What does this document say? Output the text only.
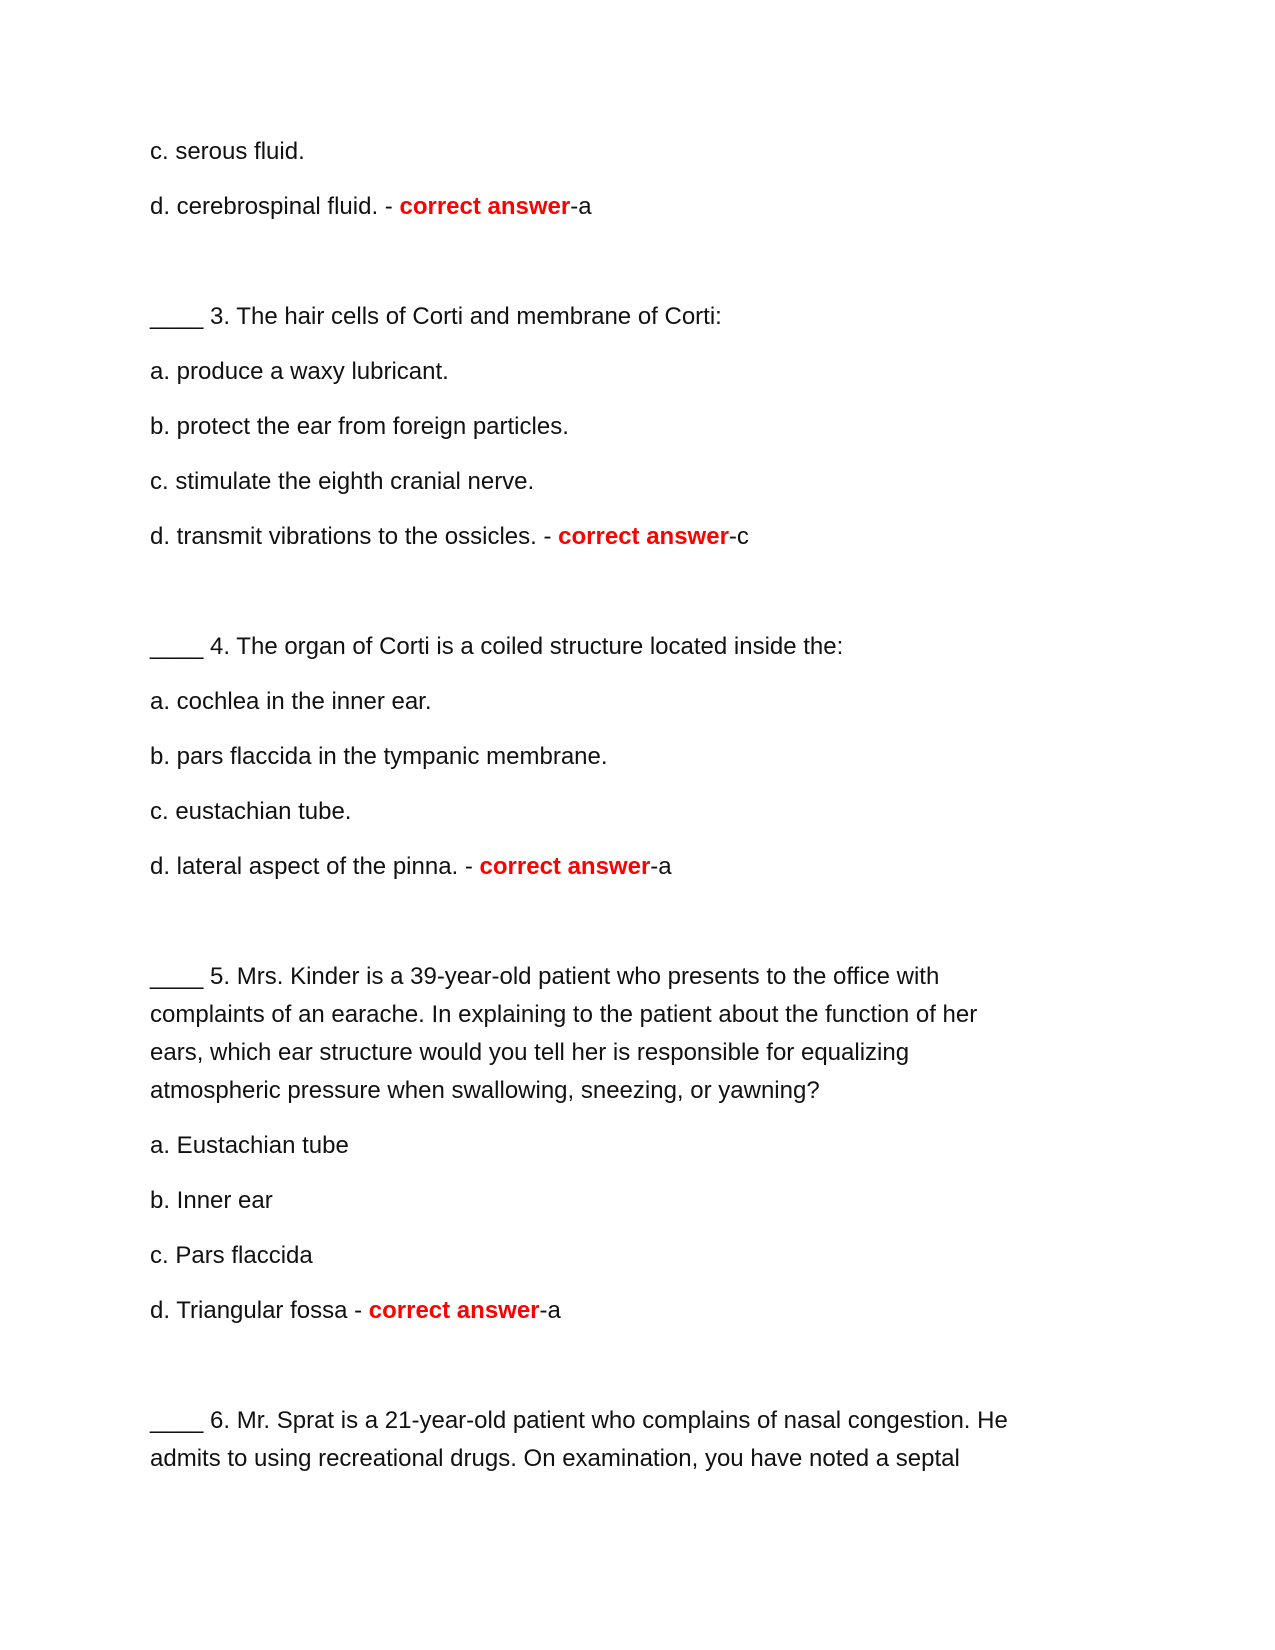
c. serous fluid.
d. cerebrospinal fluid. - correct answer-a
____ 3. The hair cells of Corti and membrane of Corti:
a. produce a waxy lubricant.
b. protect the ear from foreign particles.
c. stimulate the eighth cranial nerve.
d. transmit vibrations to the ossicles. - correct answer-c
____ 4. The organ of Corti is a coiled structure located inside the:
a. cochlea in the inner ear.
b. pars flaccida in the tympanic membrane.
c. eustachian tube.
d. lateral aspect of the pinna. - correct answer-a
____ 5. Mrs. Kinder is a 39-year-old patient who presents to the office with
complaints of an earache. In explaining to the patient about the function of her
ears, which ear structure would you tell her is responsible for equalizing
atmospheric pressure when swallowing, sneezing, or yawning?
a. Eustachian tube
b. Inner ear
c. Pars flaccida
d. Triangular fossa - correct answer-a
____ 6. Mr. Sprat is a 21-year-old patient who complains of nasal congestion. He
admits to using recreational drugs. On examination, you have noted a septal
